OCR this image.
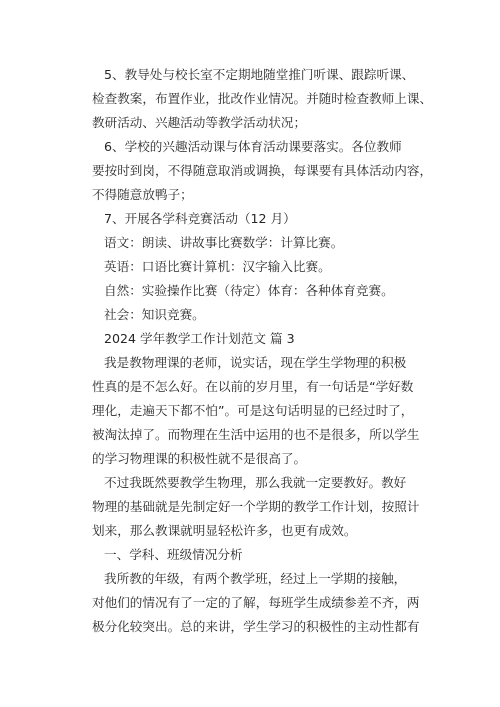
5、教导处与校长室不定期地随堂推门听课、跟踪听课、
检查教案，布置作业，批改作业情况。并随时检查教师上课、
教研活动、兴趣活动等教学活动状况；
6、学校的兴趣活动课与体育活动课要落实。各位教师
要按时到岗，不得随意取消或调换，每课要有具体活动内容，
不得随意放鸭子；
7、开展各学科竞赛活动（12 月）
语文：朗读、讲故事比赛数学：计算比赛。
英语：口语比赛计算机：汉字输入比赛。
自然：实验操作比赛（待定）体育：各种体育竞赛。
社会：知识竞赛。
2024 学年教学工作计划范文 篇 3
我是教物理课的老师，说实话，现在学生学物理的积极
性真的是不怎么好。在以前的岁月里，有一句话是“学好数
理化，走遍天下都不怕”。可是这句话明显的已经过时了，
被淘汰掉了。而物理在生活中运用的也不是很多，所以学生
的学习物理课的积极性就不是很高了。
不过我既然要教学生物理，那么我就一定要教好。教好
物理的基础就是先制定好一个学期的教学工作计划，按照计
划来，那么教课就明显轻松许多，也更有成效。
一、学科、班级情况分析
我所教的年级，有两个教学班，经过上一学期的接触，
对他们的情况有了一定的了解，每班学生成绩参差不齐，两
极分化较突出。总的来讲，学生学习的积极性的主动性都有
